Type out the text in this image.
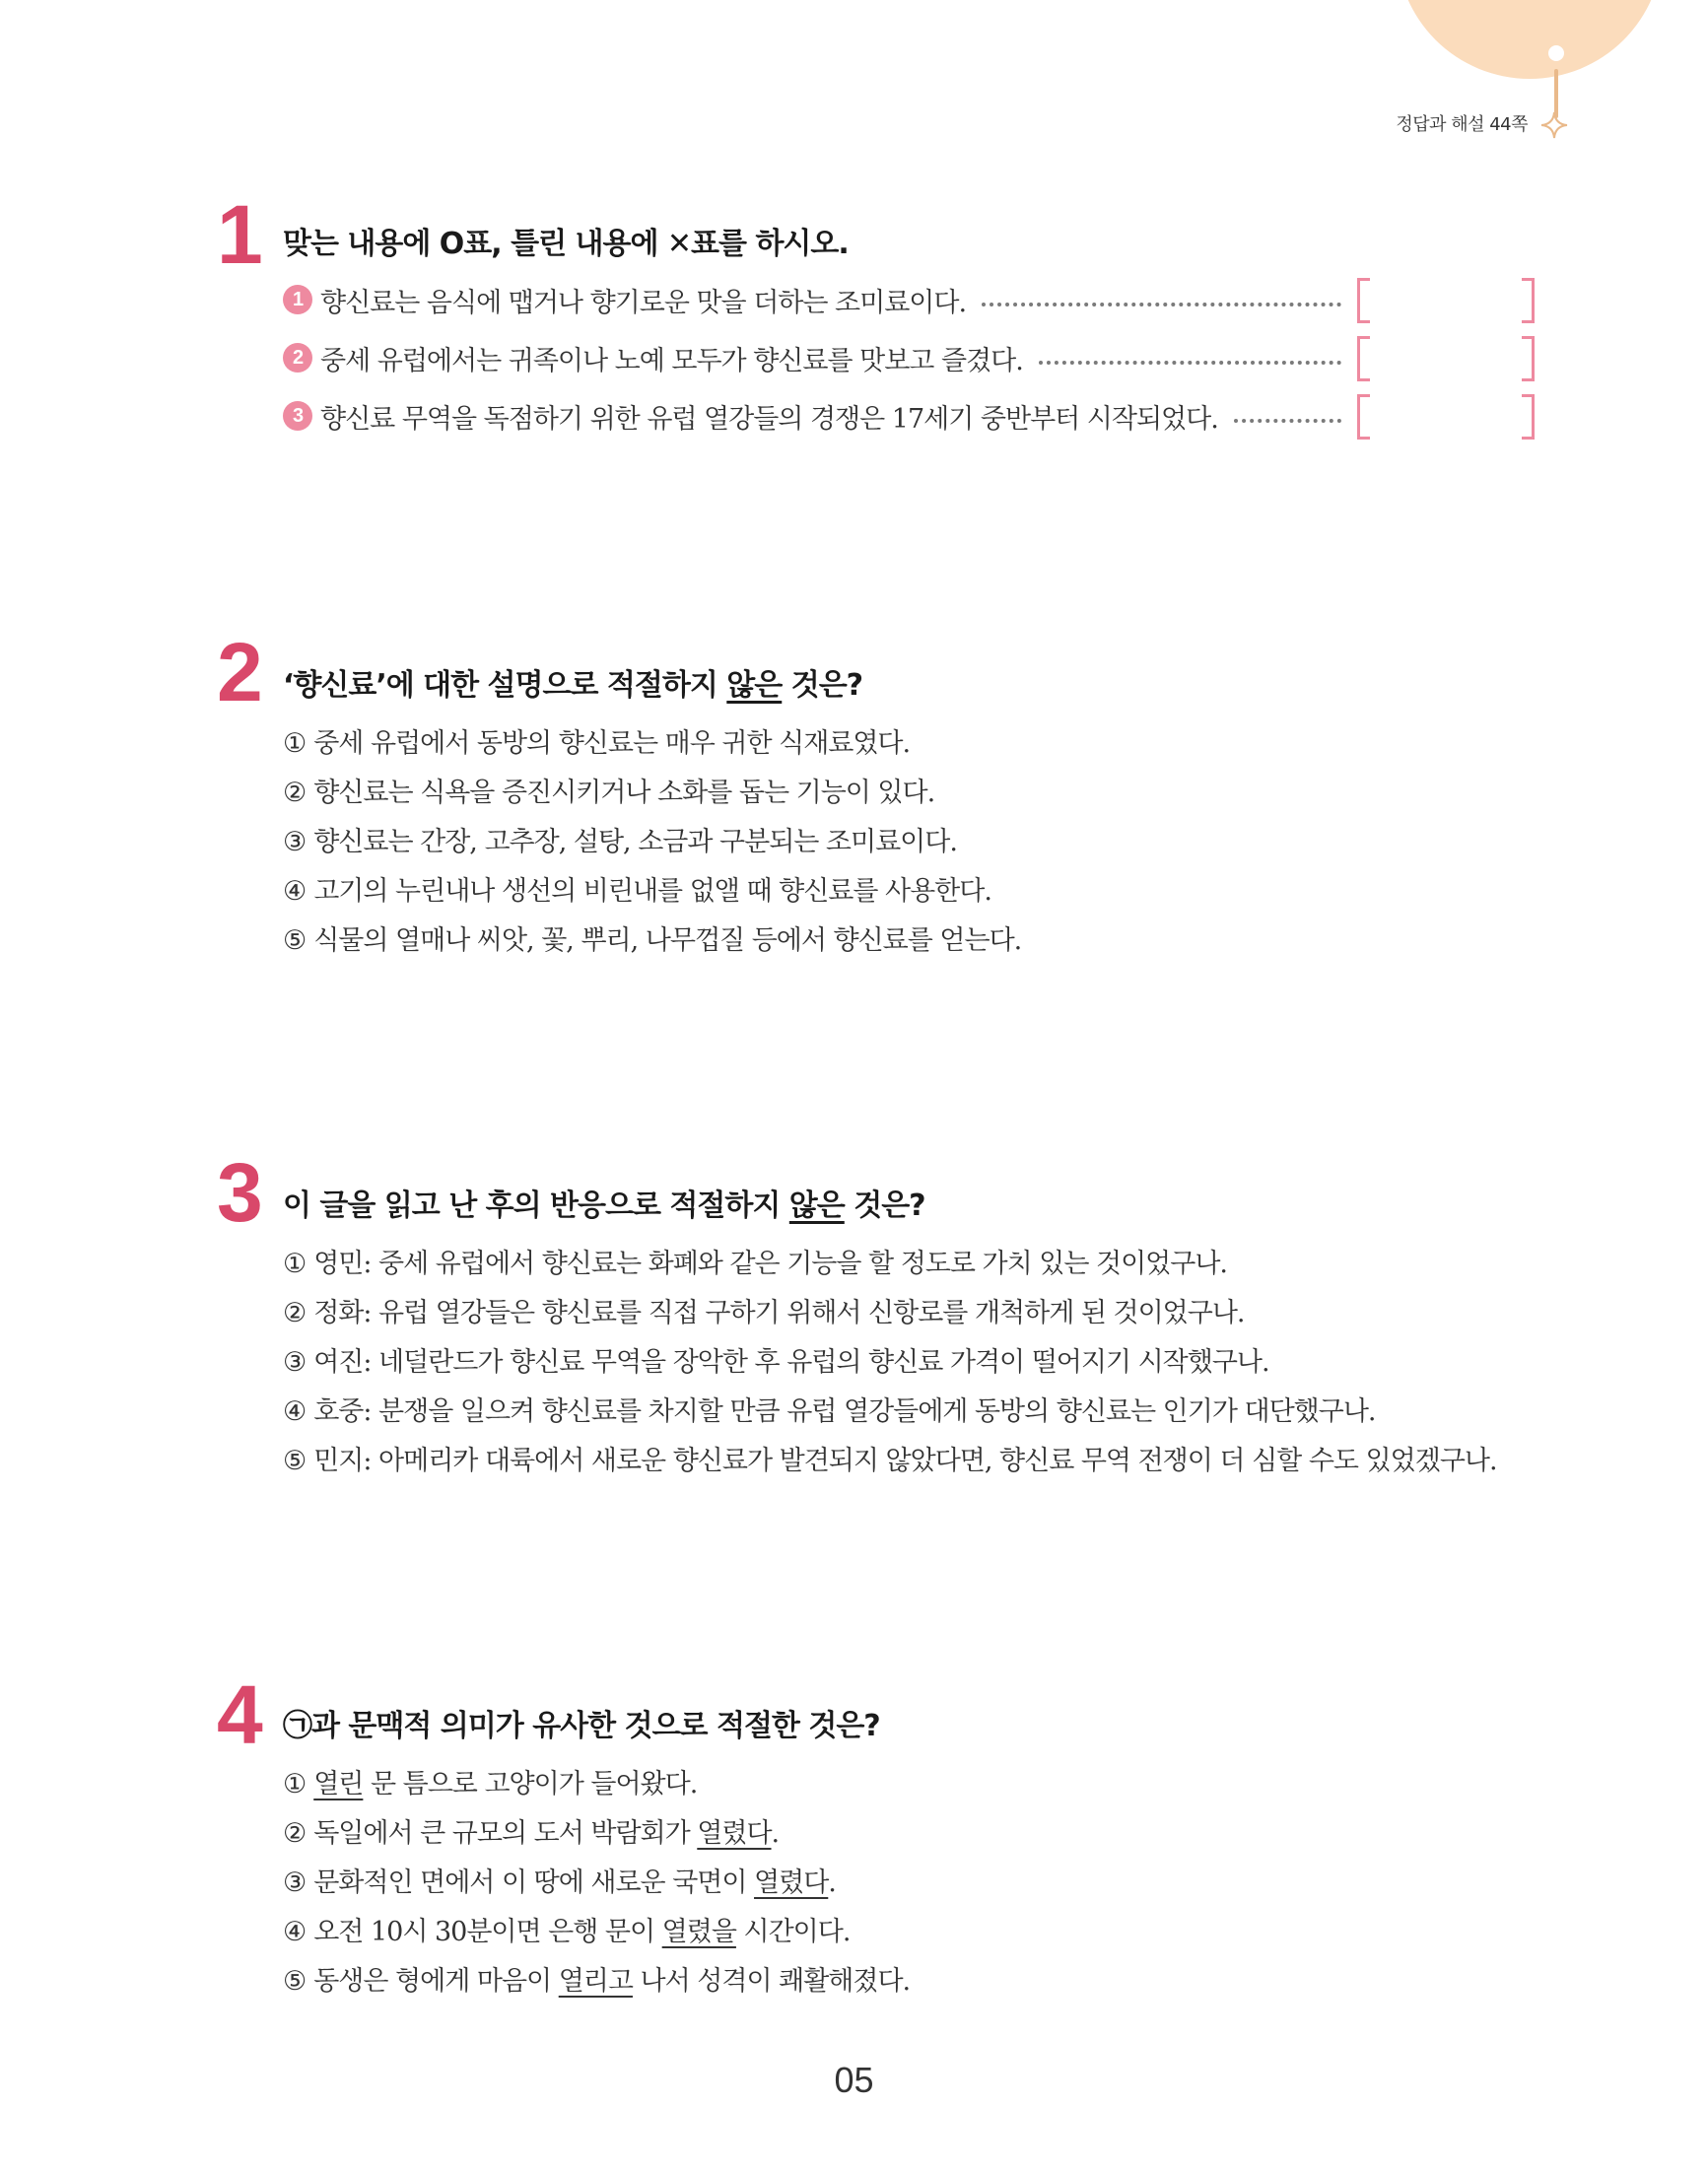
정답과 해설 44쪽
1 맞는 내용에 O표, 틀린 내용에 ✕표를 하시오.
1 향신료는 음식에 맵거나 향기로운 맛을 더하는 조미료이다.
2 중세 유럽에서는 귀족이나 노예 모두가 향신료를 맛보고 즐겼다.
3 향신료 무역을 독점하기 위한 유럽 열강들의 경쟁은 17세기 중반부터 시작되었다.
2 ‘향신료’에 대한 설명으로 적절하지 않은 것은?
① 중세 유럽에서 동방의 향신료는 매우 귀한 식재료였다.
② 향신료는 식욕을 증진시키거나 소화를 돕는 기능이 있다.
③ 향신료는 간장, 고추장, 설탕, 소금과 구분되는 조미료이다.
④ 고기의 누린내나 생선의 비린내를 없앨 때 향신료를 사용한다.
⑤ 식물의 열매나 씨앗, 꽃, 뿌리, 나무껍질 등에서 향신료를 얻는다.
3 이 글을 읽고 난 후의 반응으로 적절하지 않은 것은?
① 영민: 중세 유럽에서 향신료는 화폐와 같은 기능을 할 정도로 가치 있는 것이었구나.
② 정화: 유럽 열강들은 향신료를 직접 구하기 위해서 신항로를 개척하게 된 것이었구나.
③ 여진: 네덜란드가 향신료 무역을 장악한 후 유럽의 향신료 가격이 떨어지기 시작했구나.
④ 호중: 분쟁을 일으켜 향신료를 차지할 만큼 유럽 열강들에게 동방의 향신료는 인기가 대단했구나.
⑤ 민지: 아메리카 대륙에서 새로운 향신료가 발견되지 않았다면, 향신료 무역 전쟁이 더 심할 수도 있었겠구나.
4 ㉠과 문맥적 의미가 유사한 것으로 적절한 것은?
① 열린 문 틈으로 고양이가 들어왔다.
② 독일에서 큰 규모의 도서 박람회가 열렸다.
③ 문화적인 면에서 이 땅에 새로운 국면이 열렸다.
④ 오전 10시 30분이면 은행 문이 열렸을 시간이다.
⑤ 동생은 형에게 마음이 열리고 나서 성격이 쾌활해졌다.
05
